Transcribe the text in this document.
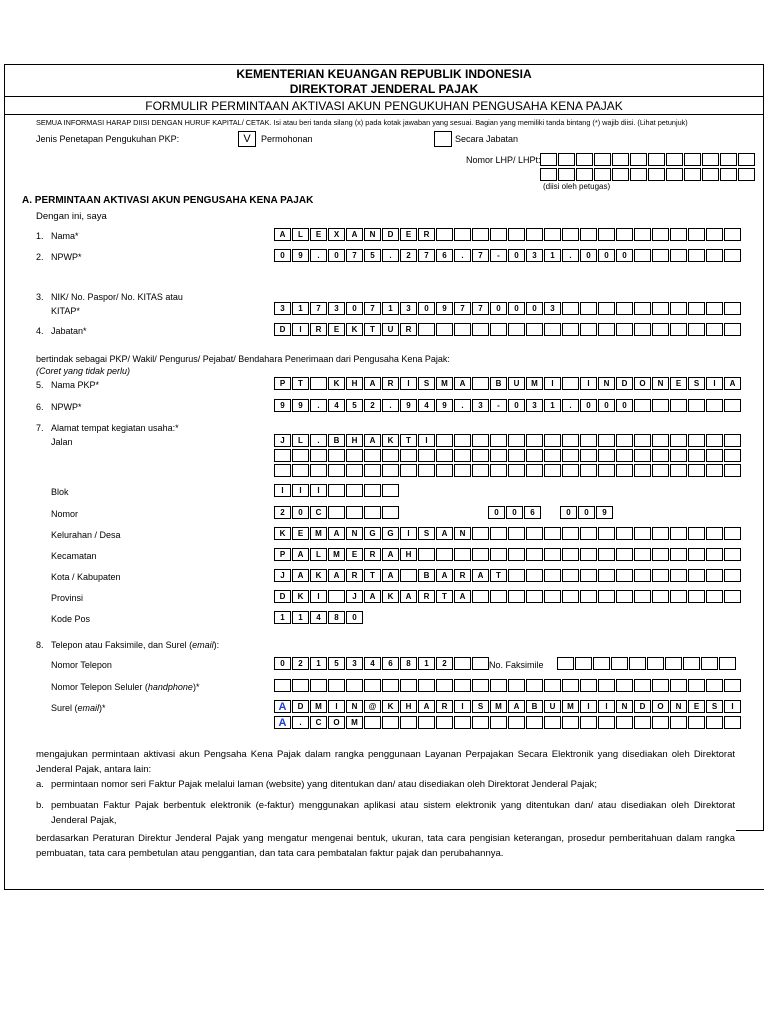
KEMENTERIAN KEUANGAN REPUBLIK INDONESIA
DIREKTORAT JENDERAL PAJAK
FORMULIR PERMINTAAN AKTIVASI AKUN PENGUKUHAN PENGUSAHA KENA PAJAK
SEMUA INFORMASI HARAP DIISI DENGAN HURUF KAPITAL/ CETAK. Isi atau beri tanda silang (x) pada kotak jawaban yang sesuai. Bagian yang memiliki tanda bintang (*) wajib diisi. (Lihat petunjuk)
Jenis Penetapan Pengukuhan PKP:	V	Permohonan	Secara Jabatan
Nomor LHP/ LHPt:
(diisi oleh petugas)
A. PERMINTAAN AKTIVASI AKUN PENGUSAHA KENA PAJAK
Dengan ini, saya
1. Nama*	A	L	E	X	A	N	D	E	R
2. NPWP*	0	9	.	0	7	5	.	2	7	6	.	7	-	0	3	1	.	0	0	0
3. NIK/ No. Paspor/ No. KITAS atau
KITAP*	3	1	7	3	0	7	1	3	0	9	7	7	0	0	0	3
4. Jabatan*	D	I	R	E	K	T	U	R
bertindak sebagai PKP/ Wakil/ Pengurus/ Pejabat/ Bendahara Penerimaan dari Pengusaha Kena Pajak:
(Coret yang tidak perlu)
5. Nama PKP*	P	T	K	H	A	R	I	S	M	A	B	U	M	I	I	N	D	O	N	E	S	I	A
6. NPWP*	9	9	.	4	5	2	.	9	4	9	.	3	-	0	3	1	.	0	0	0
7. Alamat tempat kegiatan usaha:*
Jalan	J	L	.	B	H	A	K	T	I
Blok	I	I	I
Nomor	2	0	C	0	0	6	0	0	9
Kelurahan / Desa	K	E	M	A	N	G	G	I	S	A	N
Kecamatan	P	A	L	M	E	R	A	H
Kota / Kabupaten	J	A	K	A	R	T	A	B	A	R	A	T
Provinsi	D	K	I	J	A	K	A	R	T	A
Kode Pos	1	1	4	8	0
8. Telepon atau Faksimile, dan Surel (email):
Nomor Telepon	0	2	1	5	3	4	6	8	1	2	No. Faksimile
Nomor Telepon Seluler (handphone)*
Surel (email)*	A	D	M	I	N	@	K	H	A	R	I	S	M	A	B	U	M	I	I	N	D	O	N	E	S	I
A	.	C	O	M
mengajukan permintaan aktivasi akun Pengsaha Kena Pajak dalam rangka penggunaan Layanan Perpajakan Secara Elektronik yang disediakan oleh Direktorat Jenderal Pajak, antara lain:
a. permintaan nomor seri Faktur Pajak melalui laman (website) yang ditentukan dan/ atau disediakan oleh Direktorat Jenderal Pajak;
b. pembuatan Faktur Pajak berbentuk elektronik (e-faktur) menggunakan aplikasi atau sistem elektronik yang ditentukan dan/ atau disediakan oleh Direktorat Jenderal Pajak,
berdasarkan Peraturan Direktur Jenderal Pajak yang mengatur mengenai bentuk, ukuran, tata cara pengisian keterangan, prosedur pemberitahuan dalam rangka pembuatan, tata cara pembetulan atau penggantian, dan tata cara pembatalan faktur pajak dan perubahannya.
